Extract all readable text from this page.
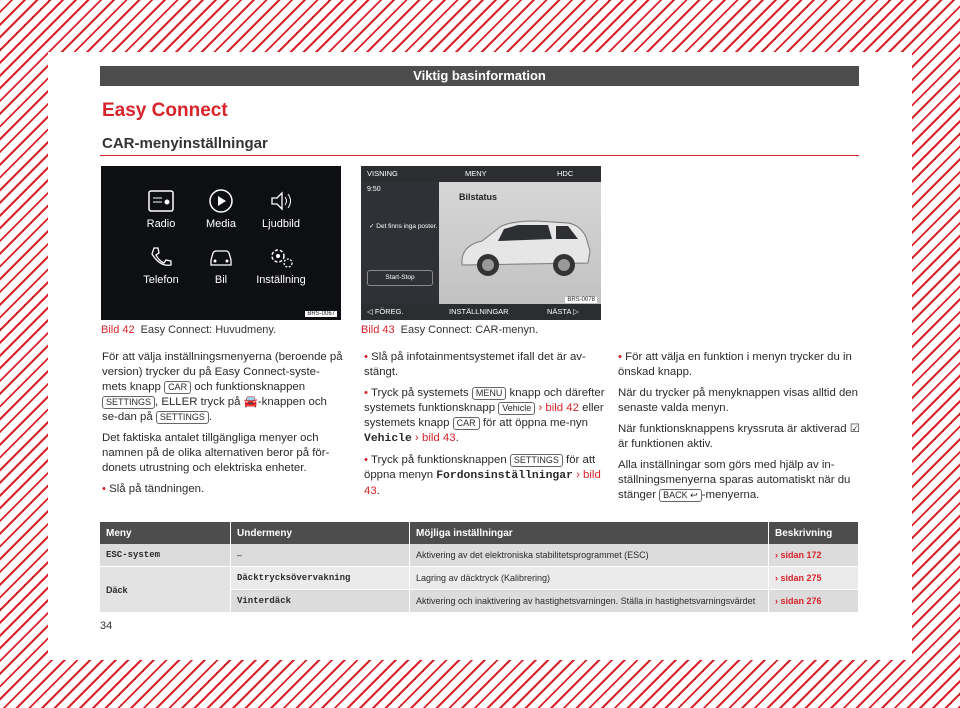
Viktig basinformation
Easy Connect
CAR-menyinställningar
Radio	Media	Ljudbild
Telefon	Bil	Inställning
BRS-0067
Bild 42 Easy Connect: Huvudmeny.
VISNING	MENY	HDC
9:50
Bilstatus
✓ Det finns inga poster.
Start-Stop
◁ FÖREG.	INSTÄLLNINGAR	NÄSTA ▷
BRS-0078
Bild 43 Easy Connect: CAR-menyn.

För att välja inställningsmenyerna (beroende på version) trycker du på Easy Connect-syste-mets knapp CAR och funktionsknappen SETTINGS , ELLER tryck på 🚘-knappen och se-dan på SETTINGS .

Det faktiska antalet tillgängliga menyer och namnen på de olika alternativen beror på för-donets utrustning och elektriska enheter.

• Slå på tändningen.

• Slå på infotainmentsystemet ifall det är av-stängt.

• Tryck på systemets MENU knapp och därefter systemets funktionsknapp Vehicle › bild 42 eller systemets knapp CAR för att öppna me-nyn Vehicle › bild 43.

• Tryck på funktionsknappen SETTINGS för att öppna menyn Fordonsinställningar › bild 43.

• För att välja en funktion i menyn trycker du in önskad knapp.

När du trycker på menyknappen visas alltid den senaste valda menyn.

När funktionsknappens kryssruta är aktiverad ☑ är funktionen aktiv.

Alla inställningar som görs med hjälp av in-ställningsmenyerna sparas automatiskt när du stänger BACK ↩ -menyerna.

Meny	Undermeny	Möjliga inställningar	Beskrivning
ESC-system	–	Aktivering av det elektroniska stabilitetsprogrammet (ESC)	› sidan 172
Däck	Däcktrycksövervakning	Lagring av däcktryck (Kalibrering)	› sidan 275
	Vinterdäck	Aktivering och inaktivering av hastighetsvarningen. Ställa in hastighetsvarningsvärdet	› sidan 276
34
